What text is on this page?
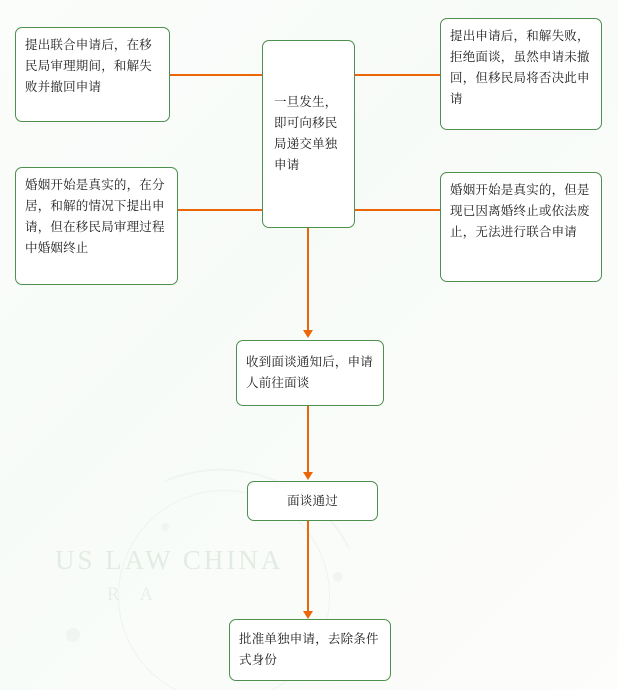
US LAW CHINA
R A
提出联合申请后，在移民局审理期间，和解失败并撤回申请
提出申请后，和解失败，拒绝面谈，虽然申请未撤回，但移民局将否决此申请
一旦发生，即可向移民局递交单独申请
婚姻开始是真实的，在分居，和解的情况下提出申请，但在移民局审理过程中婚姻终止
婚姻开始是真实的，但是现已因离婚终止或依法废止，无法进行联合申请
收到面谈通知后，申请人前往面谈
面谈通过
批准单独申请，去除条件式身份
